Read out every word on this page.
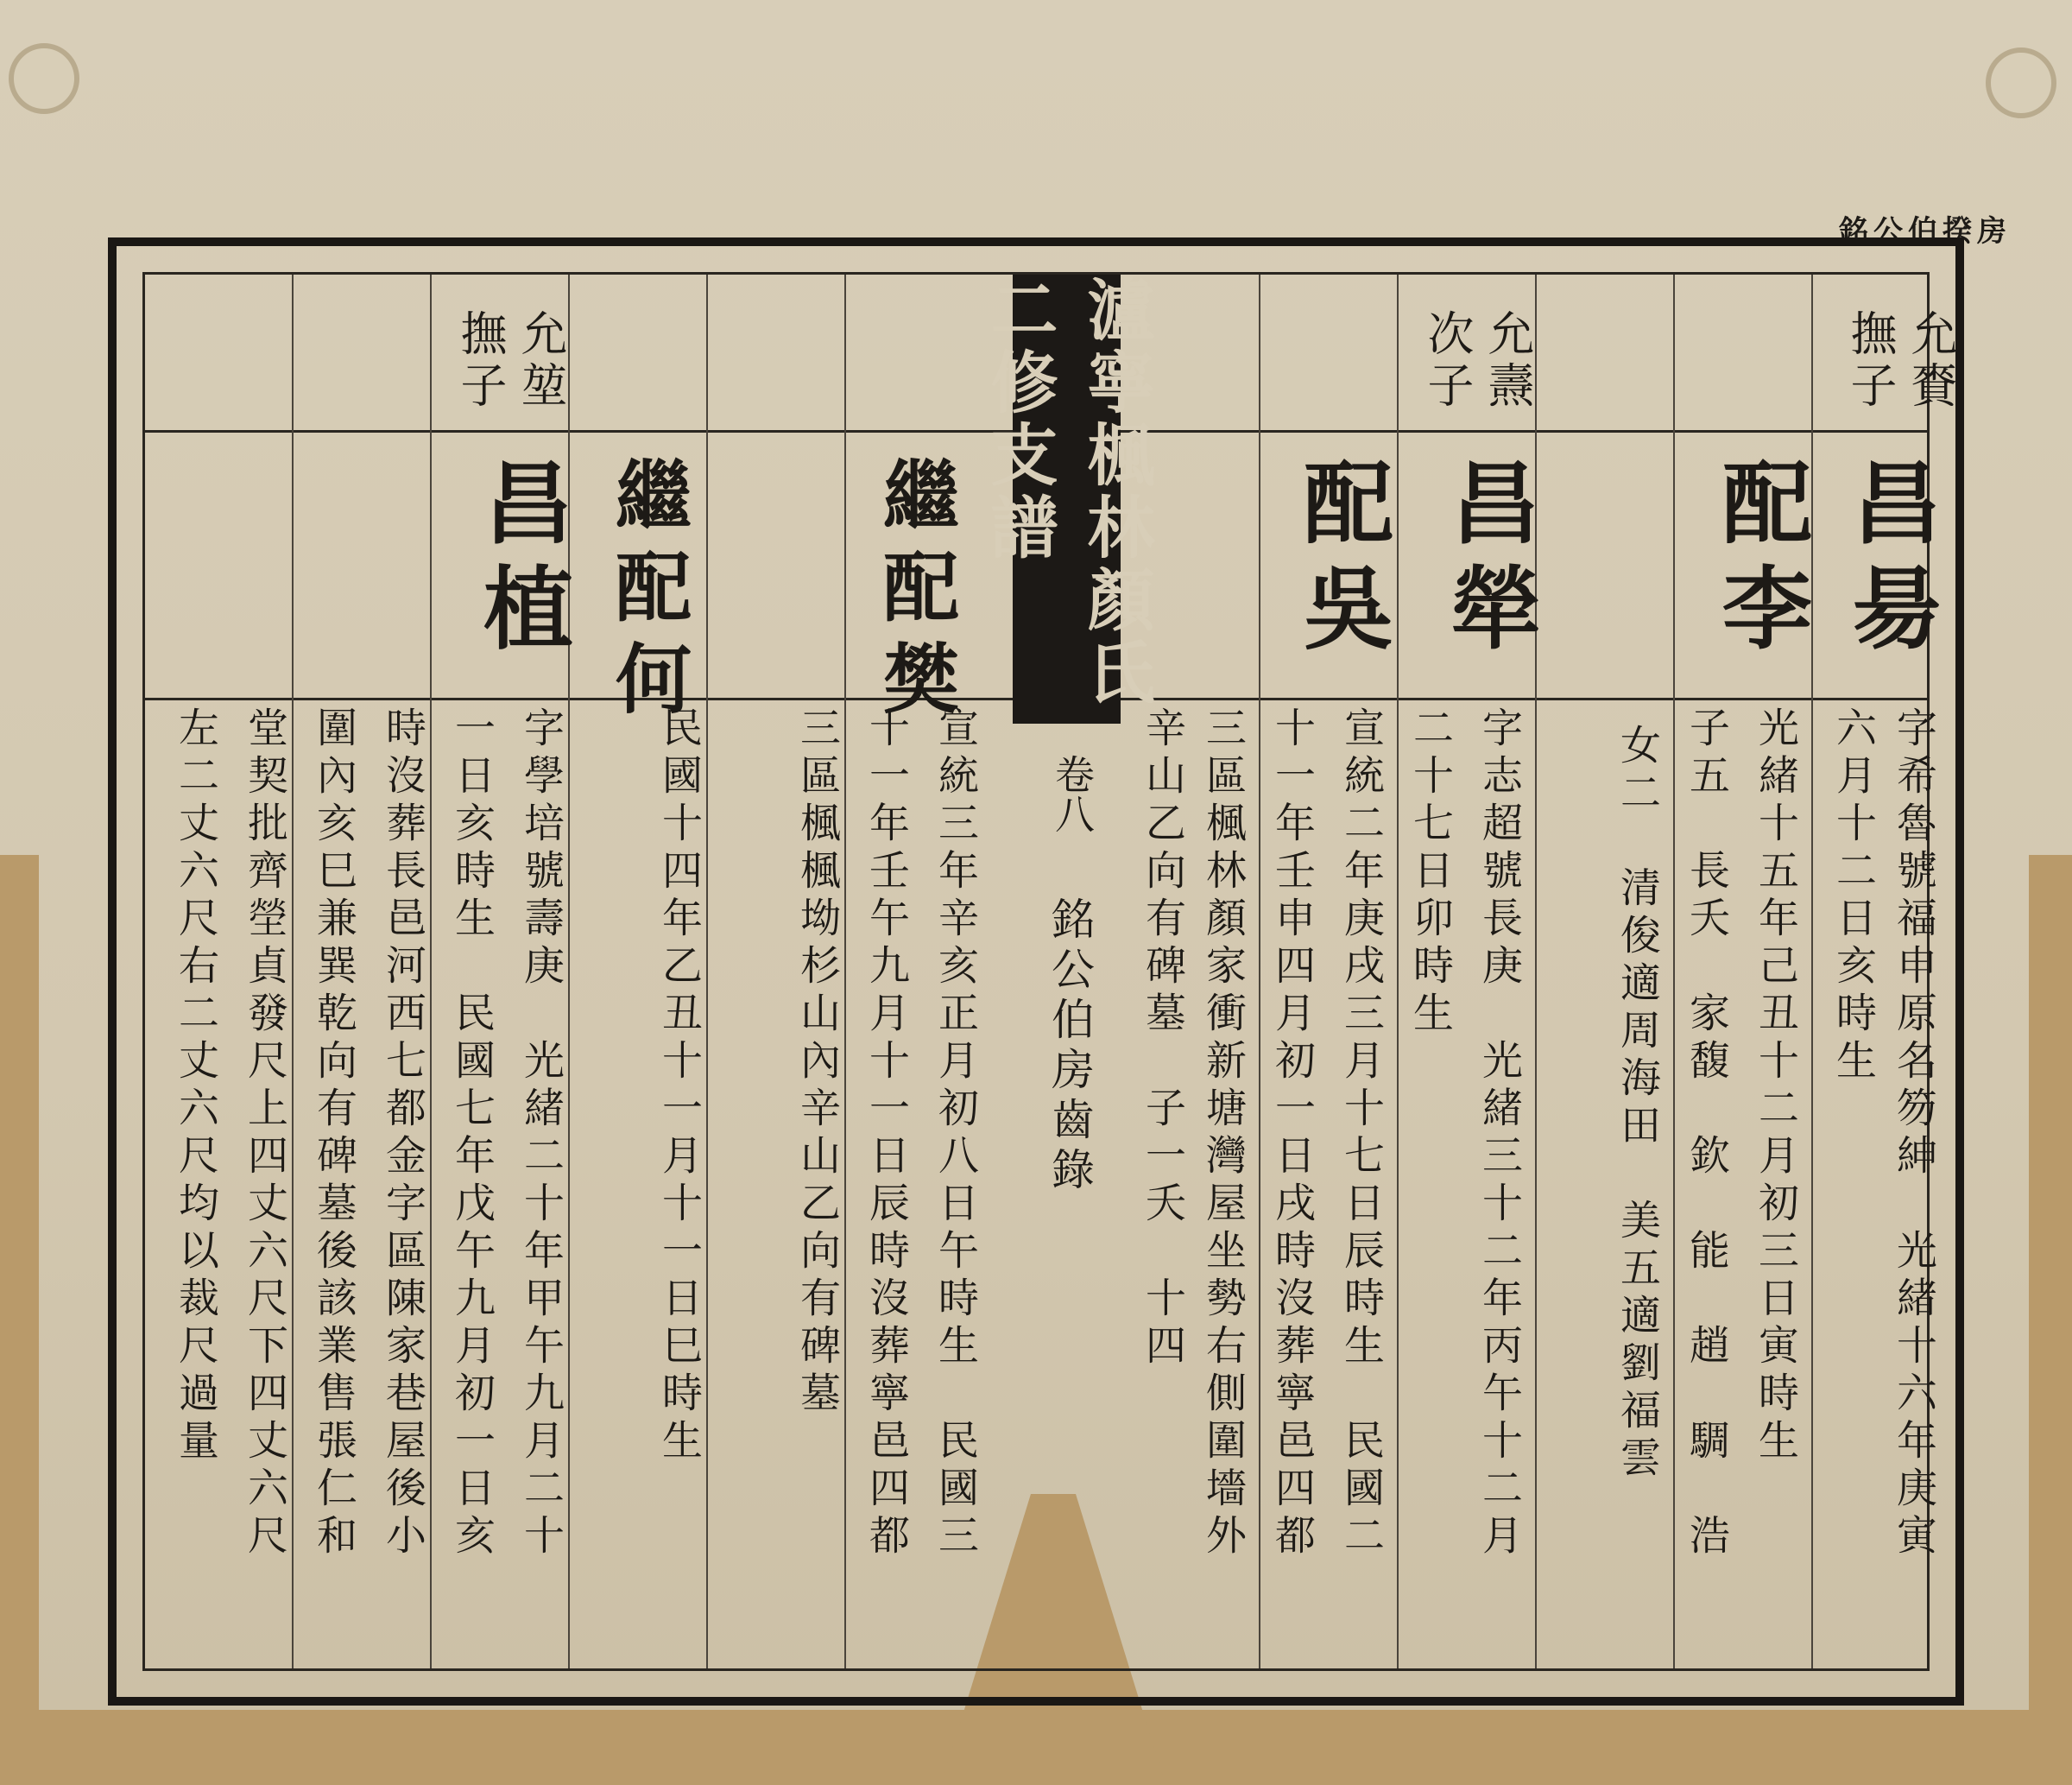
銘公伯揆房
瀘寧楓林顏氏二修支譜
卷八
銘公伯房齒錄
允賚
撫子
昌昜
字希魯號福申原名笏紳　光緒十六年庚寅
六月十二日亥時生
配李
光緒十五年己丑十二月初三日寅時生
子五　長夭　家馥　欽　能　趙　騆　浩
女二　清俊適周海田　美五適劉福雲
允燾
次子
昌犖
字志超號長庚　光緒三十二年丙午十二月
二十七日卯時生
配吳
宣統二年庚戌三月十七日辰時生　民國二
十一年壬申四月初一日戌時沒葬寧邑四都
三區楓林顏家衝新塘灣屋坐勢右側圍墻外
辛山乙向有碑墓　子一夭　十四
繼配樊
宣統三年辛亥正月初八日午時生　民國三
十一年壬午九月十一日辰時沒葬寧邑四都
三區楓楓坳杉山內辛山乙向有碑墓
繼配何
民國十四年乙丑十一月十一日巳時生
允堃
撫子
昌植
字學培號壽庚　光緒二十年甲午九月二十
一日亥時生　民國七年戊午九月初一日亥
時沒葬長邑河西七都金字區陳家巷屋後小
圍內亥巳兼巽乾向有碑墓後該業售張仁和
堂契批齊塋貞發尺上四丈六尺下四丈六尺
左二丈六尺右二丈六尺均以裁尺過量
